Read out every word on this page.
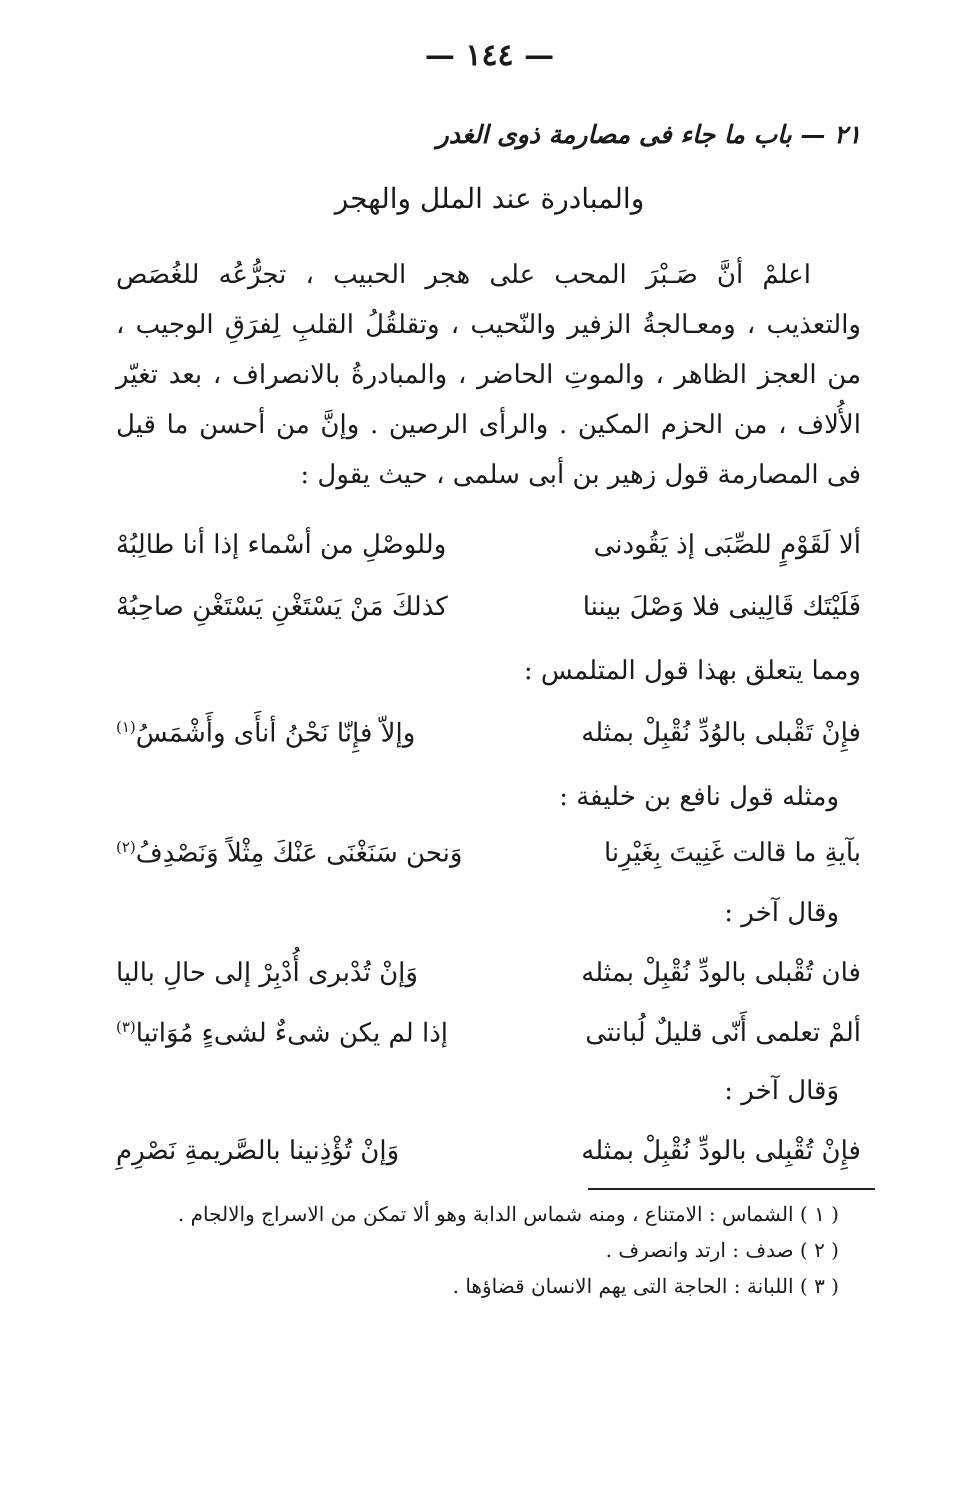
— ١٤٤ —
٢١ — باب ما جاء فى مصارمة ذوى الغدر
والمبادرة عند الملل والهجر

اعلمْ أنَّ صَـبْرَ المحب على هجر الحبيب ، تجرُّعُه للغُصَص والتعذيب ، ومعـالجةُ الزفير والنّحيب ، وتقلقُلُ القلبِ لِفرَقِ الوجيب ، من العجز الظاهر ، والموتِ الحاضر ، والمبادرةُ بالانصراف ، بعد تغيّر الأُلاف ، من الحزم المكين . والرأى الرصين . وإنَّ من أحسن ما قيل فى المصارمة قول زهير بن أبى سلمى ، حيث يقول :

ألا لَقَوْمٍ للصِّبَى إذ يَقُودنى
وللوصْلِ من أسْماء إذا أنا طالِبُهْ
فَلَيْتَك قَالِينى فلا وَصْلَ بيننا
كذلكَ مَنْ يَسْتَغْنِ يَسْتَغْنِ صاحِبُهْ
ومما يتعلق بهذا قول المتلمس :
فإِنْ تَقْبلى بالوُدِّ نُقْبِلْ بمثله
وإلاّ فإِنّا نَحْنُ أنأَى وأَشْمَسُ$^{(١)}$
ومثله قول نافع بن خليفة :
بآيةِ ما قالت غَنِيتَ بِغَيْرِنا
وَنحن سَنَغْنَى عَنْكَ مِثْلاً وَنَصْدِفُ$^{(٢)}$
وقال آخر :
فان تُقْبلى بالودِّ نُقْبِلْ بمثله
وَإنْ تُدْبرى أُدْبِرْ إلى حالِ باليا
ألمْ تعلمى أَنّى قليلٌ لُبانتى
إذا لم يكن شىءٌ لشىءٍ مُوَاتيا$^{(٣)}$
وَقال آخر :
فإِنْ تُقْبِلى بالودِّ نُقْبِلْ بمثله
وَإنْ تُؤْذِنينا بالصَّريمةِ نَصْرِمِ
( ١ ) الشماس : الامتناع ، ومنه شماس الدابة وهو ألا تمكن من الاسراج والالجام .
( ٢ ) صدف : ارتد وانصرف .
( ٣ ) اللبانة : الحاجة التى يهم الانسان قضاؤها .
